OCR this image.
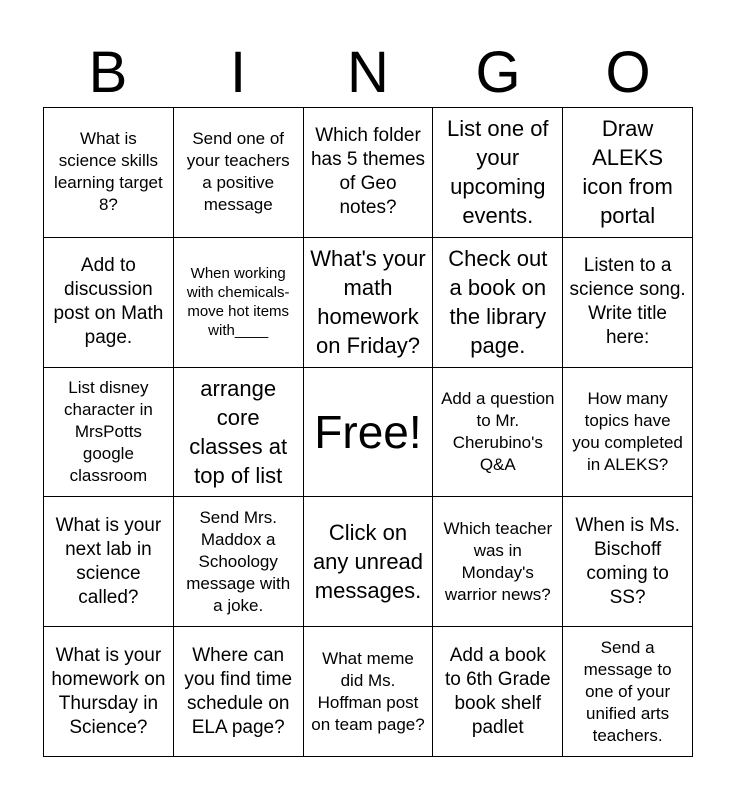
B	I	N	G	O
What is science skills learning target 8?
Send one of your teachers a positive message
Which folder has 5 themes of Geo notes?
List one of your upcoming events.
Draw ALEKS icon from portal
Add to discussion post on Math page.
When working with chemicals- move hot items with____
What's your math homework on Friday?
Check out a book on the library page.
Listen to a science song. Write title here:
List disney character in MrsPotts google classroom
arrange core classes at top of list
Free!
Add a question to Mr. Cherubino's Q&A
How many topics have you completed in ALEKS?
What is your next lab in science called?
Send Mrs. Maddox a Schoology message with a joke.
Click on any unread messages.
Which teacher was in Monday's warrior news?
When is Ms. Bischoff coming to SS?
What is your homework on Thursday in Science?
Where can you find time schedule on ELA page?
What meme did Ms. Hoffman post on team page?
Add a book to 6th Grade book shelf padlet
Send a message to one of your unified arts teachers.
